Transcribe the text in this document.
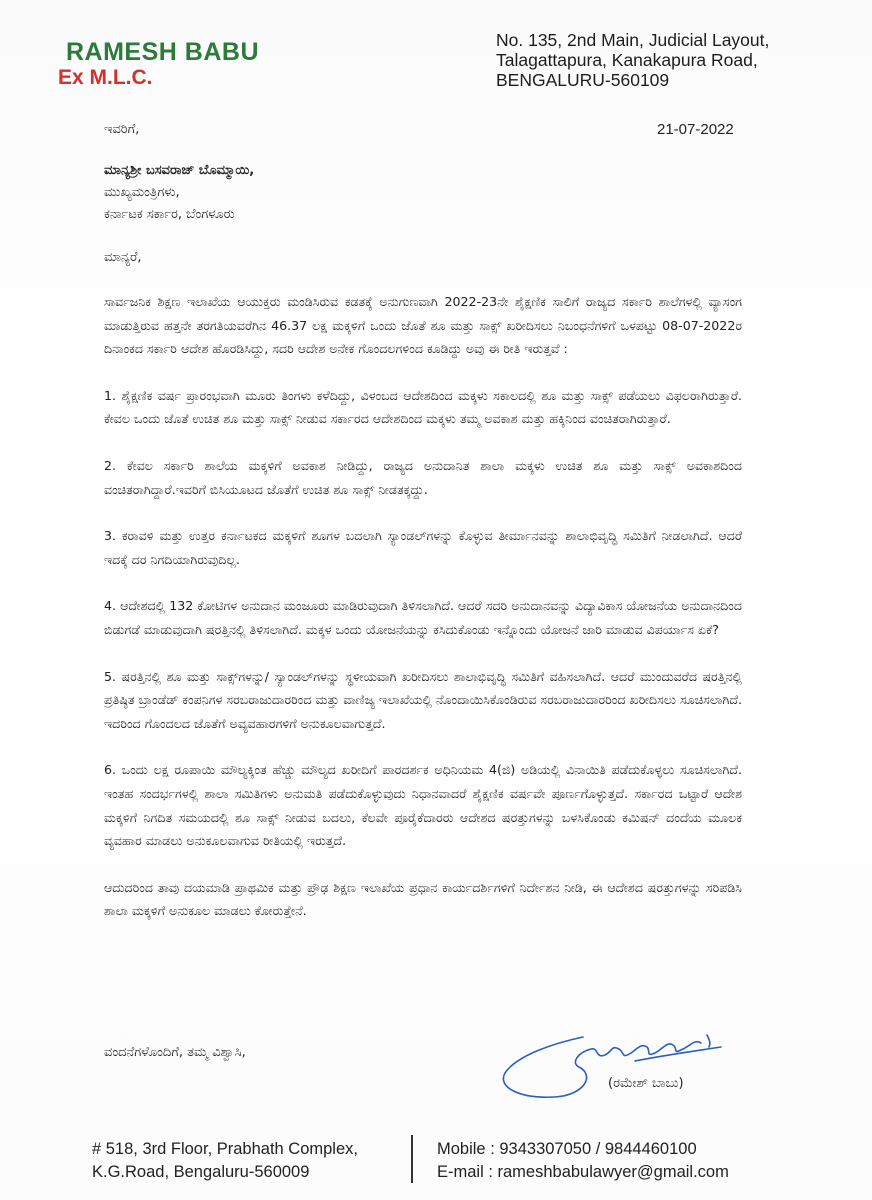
RAMESH BABU
Ex M.L.C.
No. 135, 2nd Main, Judicial Layout,
Talagattapura, Kanakapura Road,
BENGALURU-560109
ಇವರಿಗೆ,	21-07-2022
ಮಾನ್ಯಶ್ರೀ ಬಸವರಾಜ್ ಬೊಮ್ಮಾಯಿ,
ಮುಖ್ಯಮಂತ್ರಿಗಳು,
ಕರ್ನಾಟಕ ಸರ್ಕಾರ, ಬೆಂಗಳೂರು
ಮಾನ್ಯರೆ,

ಸಾರ್ವಜನಿಕ ಶಿಕ್ಷಣ ಇಲಾಖೆಯ ಆಯುಕ್ತರು ಮಂಡಿಸಿರುವ ಕಡತಕ್ಕೆ ಅನುಗುಣವಾಗಿ 2022-23ನೇ ಶೈಕ್ಷಣಿಕ ಸಾಲಿಗೆ ರಾಜ್ಯದ ಸರ್ಕಾರಿ ಶಾಲೆಗಳಲ್ಲಿ ವ್ಯಾಸಂಗ ಮಾಡುತ್ತಿರುವ ಹತ್ತನೇ ತರಗತಿಯವರೆಗಿನ 46.37 ಲಕ್ಷ ಮಕ್ಕಳಿಗೆ ಒಂದು ಜೊತೆ ಶೂ ಮತ್ತು ಸಾಕ್ಸ್ ಖರೀದಿಸಲು ನಿಬಂಧನೆಗಳಿಗೆ ಒಳಪಟ್ಟು 08-07-2022ರ ದಿನಾಂಕದ ಸರ್ಕಾರಿ ಆದೇಶ ಹೊರಡಿಸಿದ್ದು, ಸದರಿ ಆದೇಶ ಅನೇಕ ಗೊಂದಲಗಳಿಂದ ಕೂಡಿದ್ದು ಅವು ಈ ರೀತಿ ಇರುತ್ತವೆ :

1. ಶೈಕ್ಷಣಿಕ ವರ್ಷ ಪ್ರಾರಂಭವಾಗಿ ಮೂರು ತಿಂಗಳು ಕಳೆದಿದ್ದು, ವಿಳಂಬದ ಆದೇಶದಿಂದ ಮಕ್ಕಳು ಸಕಾಲದಲ್ಲಿ ಶೂ ಮತ್ತು ಸಾಕ್ಸ್ ಪಡೆಯಲು ವಿಫಲರಾಗಿರುತ್ತಾರೆ. ಕೇವಲ ಒಂದು ಜೊತೆ ಉಚಿತ ಶೂ ಮತ್ತು ಸಾಕ್ಸ್ ನೀಡುವ ಸರ್ಕಾರದ ಆದೇಶದಿಂದ ಮಕ್ಕಳು ತಮ್ಮ ಅವಕಾಶ ಮತ್ತು ಹಕ್ಕಿನಿಂದ ವಂಚಿತರಾಗಿರುತ್ತಾರೆ.

2. ಕೇವಲ ಸರ್ಕಾರಿ ಶಾಲೆಯ ಮಕ್ಕಳಿಗೆ ಅವಕಾಶ ನೀಡಿದ್ದು, ರಾಜ್ಯದ ಅನುದಾನಿತ ಶಾಲಾ ಮಕ್ಕಳು ಉಚಿತ ಶೂ ಮತ್ತು ಸಾಕ್ಸ್ ಅವಕಾಶದಿಂದ ವಂಚಿತರಾಗಿದ್ದಾರೆ.ಇವರಿಗೆ ಬಿಸಿಯೂಟದ ಜೊತೆಗೆ ಉಚಿತ ಶೂ ಸಾಕ್ಸ್ ನೀಡತಕ್ಕದ್ದು.

3. ಕರಾವಳಿ ಮತ್ತು ಉತ್ತರ ಕರ್ನಾಟಕದ ಮಕ್ಕಳಿಗೆ ಶೂಗಳ ಬದಲಾಗಿ ಸ್ಯಾಂಡಲ್‌ಗಳನ್ನು ಕೊಳ್ಳುವ ತೀರ್ಮಾನವನ್ನು ಶಾಲಾಭಿವೃದ್ಧಿ ಸಮಿತಿಗೆ ನೀಡಲಾಗಿದೆ. ಆದರೆ ಇದಕ್ಕೆ ದರ ನಿಗದಿಯಾಗಿರುವುದಿಲ್ಲ.

4. ಆದೇಶದಲ್ಲಿ 132 ಕೋಟಿಗಳ ಅನುದಾನ ಮಂಜೂರು ಮಾಡಿರುವುದಾಗಿ ತಿಳಿಸಲಾಗಿದೆ. ಆದರೆ ಸದರಿ ಅನುದಾನವನ್ನು ವಿದ್ಯಾವಿಕಾಸ ಯೋಜನೆಯ ಅನುದಾನದಿಂದ ಬಿಡುಗಡೆ ಮಾಡುವುದಾಗಿ ಷರತ್ತಿನಲ್ಲಿ ತಿಳಿಸಲಾಗಿದೆ. ಮಕ್ಕಳ ಒಂದು ಯೋಜನೆಯನ್ನು ಕಸಿದುಕೊಂಡು ಇನ್ನೊಂದು ಯೋಜನೆ ಜಾರಿ ಮಾಡುವ ವಿಪರ್ಯಾಸ ಏಕೆ?

5. ಷರತ್ತಿನಲ್ಲಿ ಶೂ ಮತ್ತು ಸಾಕ್ಸ್‌ಗಳನ್ನು/ ಸ್ಯಾಂಡಲ್‌ಗಳನ್ನು ಸ್ಥಳೀಯವಾಗಿ ಖರೀದಿಸಲು ಶಾಲಾಭಿವೃದ್ಧಿ ಸಮಿತಿಗೆ ವಹಿಸಲಾಗಿದೆ. ಆದರೆ ಮುಂದುವರೆದ ಷರತ್ತಿನಲ್ಲಿ ಪ್ರತಿಷ್ಠಿತ ಬ್ರಾಂಡೆಡ್ ಕಂಪನಿಗಳ ಸರಬರಾಜುದಾರರಿಂದ ಮತ್ತು ವಾಣಿಜ್ಯ ಇಲಾಖೆಯಲ್ಲಿ ನೊಂದಾಯಿಸಿಕೊಂಡಿರುವ ಸರಬರಾಜುದಾರರಿಂದ ಖರೀದಿಸಲು ಸೂಚಿಸಲಾಗಿದೆ. ಇದರಿಂದ ಗೊಂದಲದ ಜೊತೆಗೆ ಅವ್ಯವಹಾರಗಳಿಗೆ ಅನುಕೂಲವಾಗುತ್ತದೆ.

6. ಒಂದು ಲಕ್ಷ ರೂಪಾಯಿ ಮೌಲ್ಯಕ್ಕಿಂತ ಹೆಚ್ಚು ಮೌಲ್ಯದ ಖರೀದಿಗೆ ಪಾರದರ್ಶಕ ಅಧಿನಿಯಮ 4(ಜಿ) ಅಡಿಯಲ್ಲಿ ವಿನಾಯಿತಿ ಪಡೆದುಕೊಳ್ಳಲು ಸೂಚಿಸಲಾಗಿದೆ. ಇಂತಹ ಸಂದರ್ಭಗಳಲ್ಲಿ ಶಾಲಾ ಸಮಿತಿಗಳು ಅನುಮತಿ ಪಡೆದುಕೊಳ್ಳುವುದು ನಿಧಾನವಾದರೆ ಶೈಕ್ಷಣಿಕ ವರ್ಷವೇ ಪೂರ್ಣಗೊಳ್ಳುತ್ತದೆ. ಸರ್ಕಾರದ ಒಟ್ಟಾರೆ ಆದೇಶ ಮಕ್ಕಳಿಗೆ ನಿಗದಿತ ಸಮಯದಲ್ಲಿ ಶೂ ಸಾಕ್ಸ್ ನೀಡುವ ಬದಲು, ಕೆಲವೇ ಪೂರೈಕೆದಾರರು ಆದೇಶದ ಷರತ್ತುಗಳನ್ನು ಬಳಸಿಕೊಂಡು ಕಮಿಷನ್ ದಂದೆಯ ಮೂಲಕ ವ್ಯವಹಾರ ಮಾಡಲು ಅನುಕೂಲವಾಗುವ ರೀತಿಯಲ್ಲಿ ಇರುತ್ತದೆ.

ಆದುದರಿಂದ ತಾವು ದಯಮಾಡಿ ಪ್ರಾಥಮಿಕ ಮತ್ತು ಪ್ರೌಢ ಶಿಕ್ಷಣ ಇಲಾಖೆಯ ಪ್ರಧಾನ ಕಾರ್ಯದರ್ಶಿಗಳಿಗೆ ನಿರ್ದೇಶನ ನೀಡಿ, ಈ ಆದೇಶದ ಷರತ್ತುಗಳನ್ನು ಸರಿಪಡಿಸಿ ಶಾಲಾ ಮಕ್ಕಳಿಗೆ ಅನುಕೂಲ ಮಾಡಲು ಕೋರುತ್ತೇನೆ.

ವಂದನೆಗಳೊಂದಿಗೆ, ತಮ್ಮ ವಿಶ್ವಾಸಿ,
(ರಮೇಶ್ ಬಾಬು)
# 518, 3rd Floor, Prabhath Complex,
K.G.Road, Bengaluru-560009
Mobile : 9343307050 / 9844460100
E-mail : rameshbabulawyer@gmail.com
